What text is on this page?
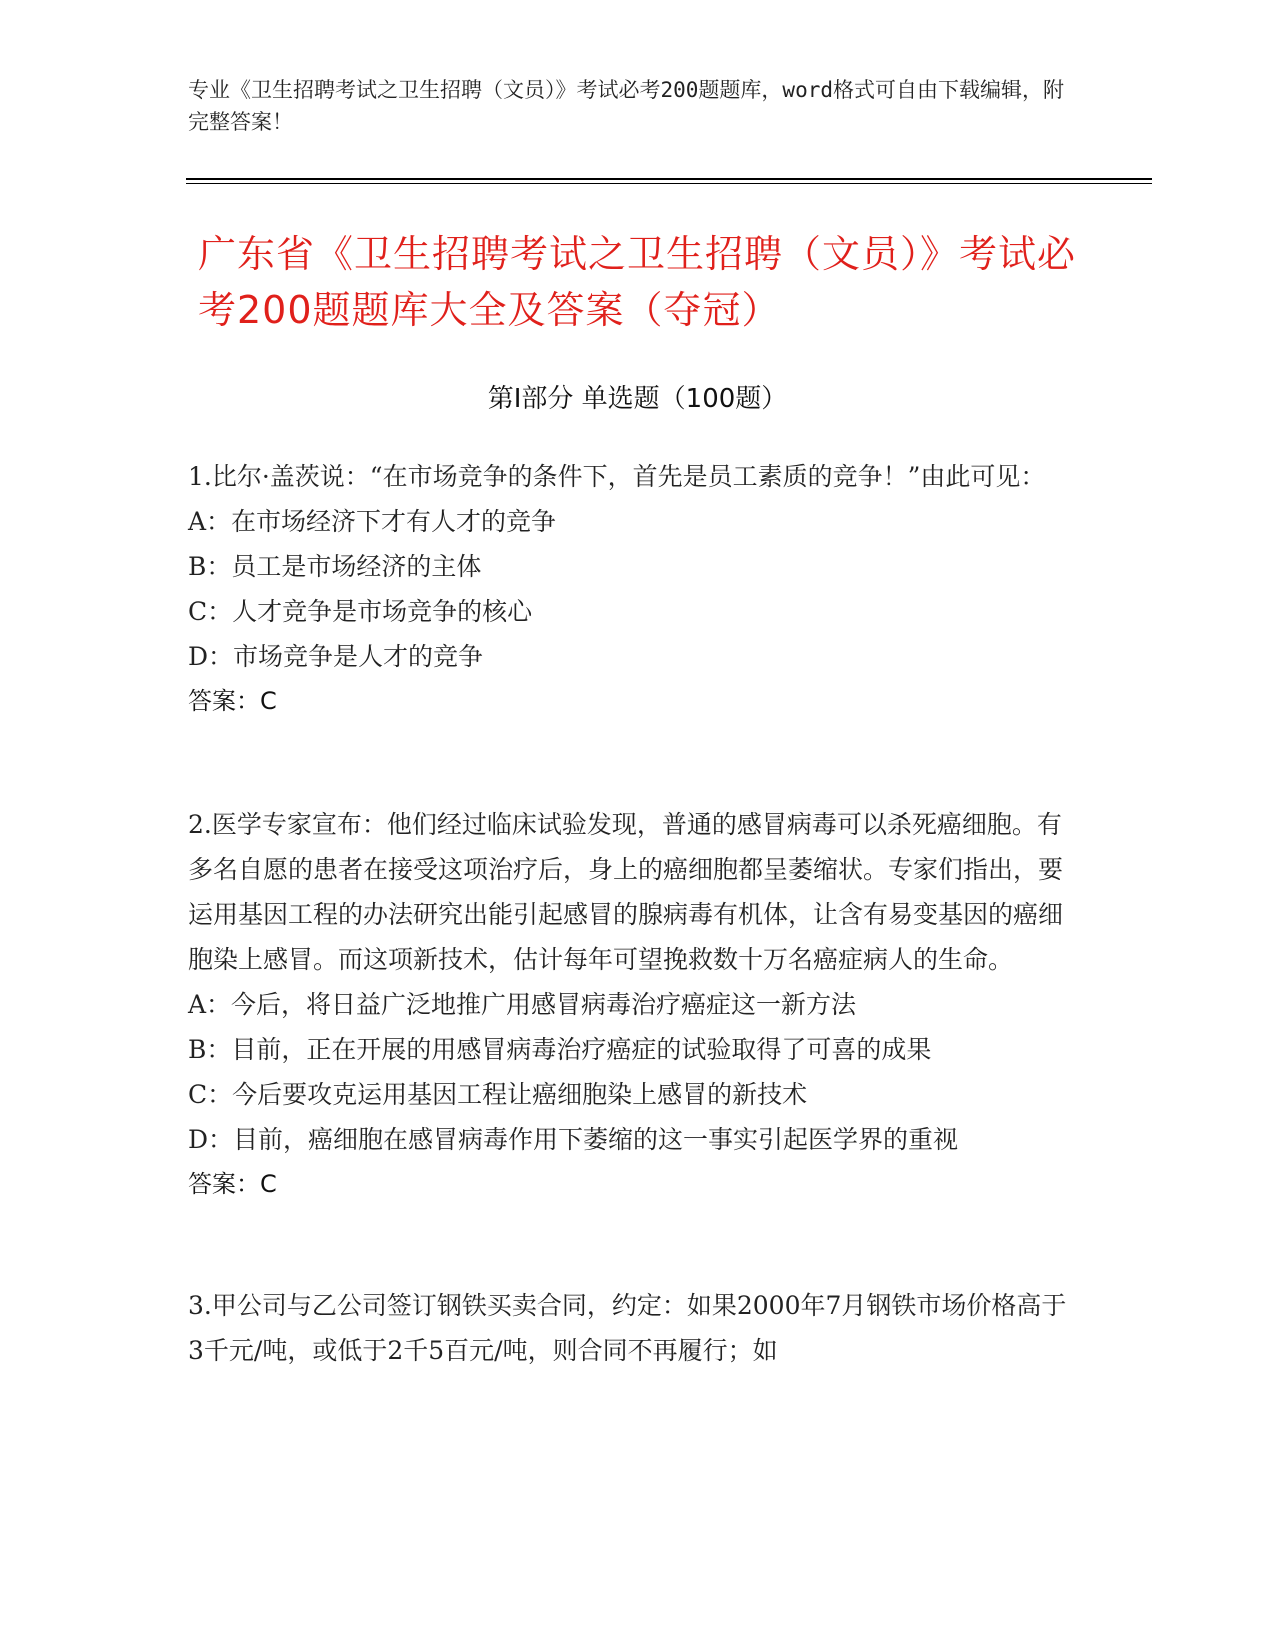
专业《卫生招聘考试之卫生招聘（文员）》考试必考200题题库，word格式可自由下载编辑，附完整答案！
广东省《卫生招聘考试之卫生招聘（文员）》考试必考200题题库大全及答案（夺冠）
第I部分 单选题（100题）

1.比尔·盖茨说：“在市场竞争的条件下，首先是员工素质的竞争！”由此可见：

A：在市场经济下才有人才的竞争

B：员工是市场经济的主体

C：人才竞争是市场竞争的核心

D：市场竞争是人才的竞争

答案：C

2.医学专家宣布：他们经过临床试验发现，普通的感冒病毒可以杀死癌细胞。有多名自愿的患者在接受这项治疗后，身上的癌细胞都呈萎缩状。专家们指出，要运用基因工程的办法研究出能引起感冒的腺病毒有机体，让含有易变基因的癌细胞染上感冒。而这项新技术，估计每年可望挽救数十万名癌症病人的生命。

A：今后，将日益广泛地推广用感冒病毒治疗癌症这一新方法

B：目前，正在开展的用感冒病毒治疗癌症的试验取得了可喜的成果

C：今后要攻克运用基因工程让癌细胞染上感冒的新技术

D：目前，癌细胞在感冒病毒作用下萎缩的这一事实引起医学界的重视

答案：C

3.甲公司与乙公司签订钢铁买卖合同，约定：如果2000年7月钢铁市场价格高于3千元/吨，或低于2千5百元/吨，则合同不再履行；如
